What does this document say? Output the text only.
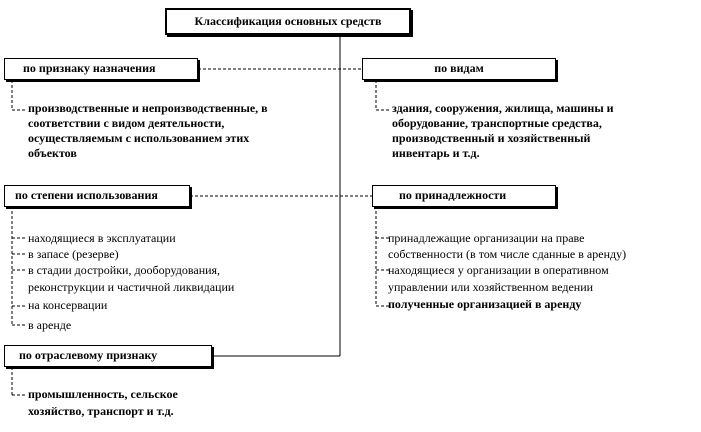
Классификация основных средств
по признаку назначения
производственные и непроизводственные, в
соответствии с видом деятельности,
осуществляемым с использованием этих
объектов
по видам
здания, сооружения, жилища, машины и
оборудование, транспортные средства,
производственный и хозяйственный
инвентарь и т.д.
по степени использования
находящиеся в эксплуатации
в запасе (резерве)
в стадии достройки, дооборудования,
реконструкции и частичной ликвидации
на консервации
в аренде
по принадлежности
принадлежащие организации на праве
собственности (в том числе сданные в аренду)
находящиеся у организации в оперативном
управлении или хозяйственном ведении
полученные организацией в аренду
по отраслевому признаку
промышленность, сельское
хозяйство, транспорт и т.д.
